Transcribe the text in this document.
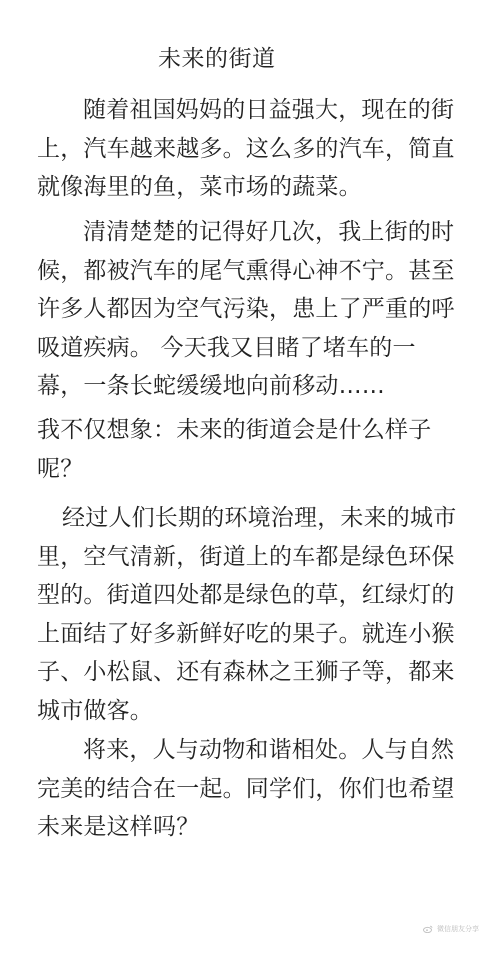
未来的街道

随着祖国妈妈的日益强大，现在的街上，汽车越来越多。这么多的汽车，简直就像海里的鱼，菜市场的蔬菜。

清清楚楚的记得好几次，我上街的时候，都被汽车的尾气熏得心神不宁。甚至许多人都因为空气污染，患上了严重的呼吸道疾病。 今天我又目睹了堵车的一幕，一条长蛇缓缓地向前移动……

我不仅想象：未来的街道会是什么样子呢？

经过人们长期的环境治理，未来的城市里，空气清新，街道上的车都是绿色环保型的。街道四处都是绿色的草，红绿灯的上面结了好多新鲜好吃的果子。就连小猴子、小松鼠、还有森林之王狮子等，都来城市做客。

将来，人与动物和谐相处。人与自然完美的结合在一起。同学们，你们也希望未来是这样吗？

微信朋友分享
